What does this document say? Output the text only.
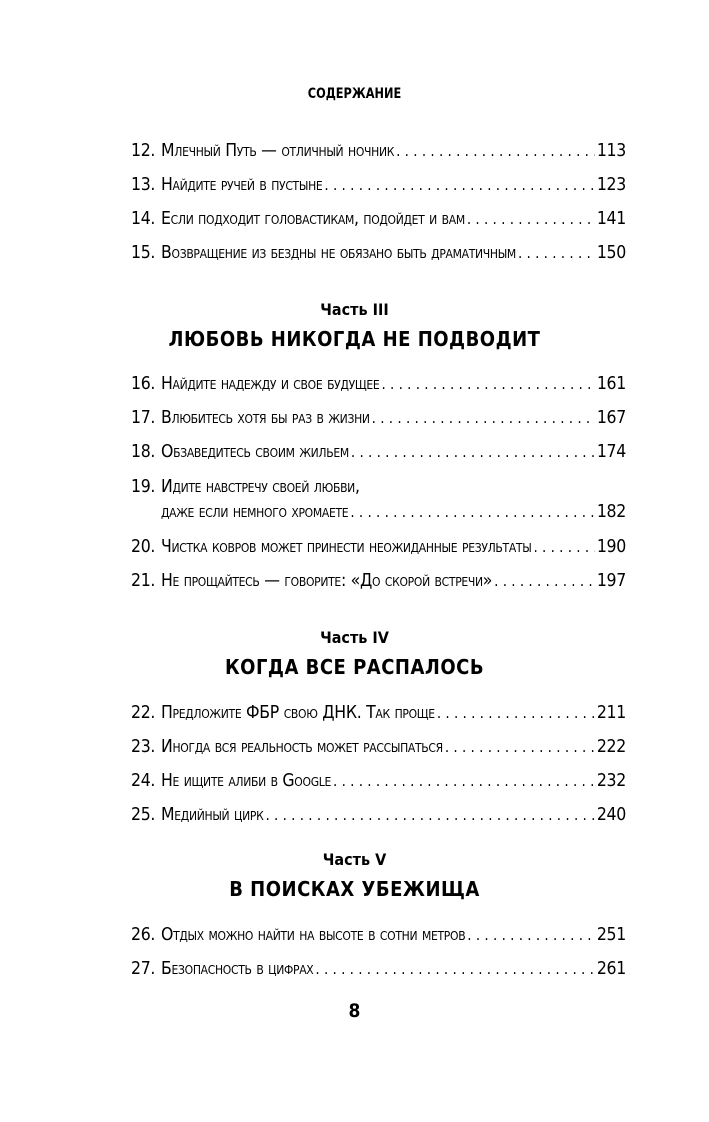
СОДЕРЖАНИЕ
12. Млечный Путь — отличный ночник . . .	113
13. Найдите ручей в пустыне . . .	123
14. Если подходит головастикам, подойдет и вам . . .	141
15. Возвращение из бездны не обязано быть драматичным . . .	150
Часть III
ЛЮБОВЬ НИКОГДА НЕ ПОДВОДИТ
16. Найдите надежду и свое будущее . . .	161
17. Влюбитесь хотя бы раз в жизни . . .	167
18. Обзаведитесь своим жильем . . .	174
19. Идите навстречу своей любви,
даже если немного хромаете . . .	182
20. Чистка ковров может принести неожиданные результаты . . .	190
21. Не прощайтесь — говорите: «До скорой встречи» . . .	197
Часть IV
КОГДА ВСЕ РАСПАЛОСЬ
22. Предложите ФБР свою ДНК. Так проще . . .	211
23. Иногда вся реальность может рассыпаться . . .	222
24. Не ищите алиби в Google . . .	232
25. Медийный цирк . . .	240
Часть V
В ПОИСКАХ УБЕЖИЩА
26. Отдых можно найти на высоте в сотни метров . . .	251
27. Безопасность в цифрах . . .	261
8
